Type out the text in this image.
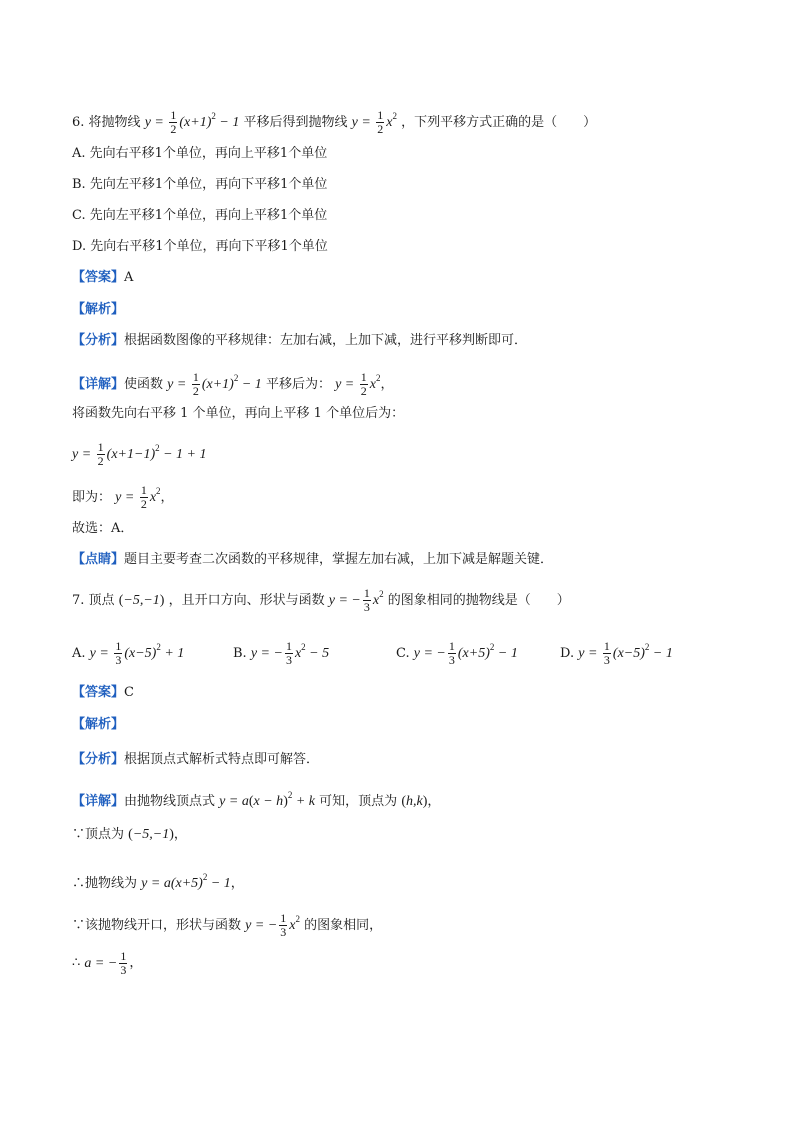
6. 将抛物线 $y = \frac{1}{2} (x+1)^2 - 1$ 平移后得到抛物线 $y = \frac{1}{2} x^2$ ，下列平移方式正确的是（　　）
A. 先向右平移1个单位，再向上平移1个单位
B. 先向左平移1个单位，再向下平移1个单位
C. 先向左平移1个单位，再向上平移1个单位
D. 先向右平移1个单位，再向下平移1个单位
【答案】A
【解析】
【分析】根据函数图像的平移规律：左加右减，上加下减，进行平移判断即可．
【详解】使函数 $y = \frac{1}{2} (x+1)^2 - 1$ 平移后为： $y = \frac{1}{2} x^2$，
将函数先向右平移 1 个单位，再向上平移 1 个单位后为：
$y = \frac{1}{2} (x+1-1)^2 - 1 + 1$
即为： $y = \frac{1}{2} x^2$，
故选：A．
【点睛】题目主要考查二次函数的平移规律，掌握左加右减，上加下减是解题关键．
7. 顶点 (−5,−1) ，且开口方向、形状与函数 y = − $\frac{1}{3} x^2$ 的图象相同的抛物线是（　　）
A. $y = \frac{1}{3} (x-5)^2 + 1$	B. y = − $\frac{1}{3} x^2 - 5$	C. y = − $\frac{1}{3} (x+5)^2 - 1$	D. $y = \frac{1}{3} (x-5)^2 - 1$
【答案】C
【解析】
【分析】根据顶点式解析式特点即可解答．
【详解】由抛物线顶点式 $y = a(x - h)^2 + k$ 可知，顶点为 (h,k)，
∵顶点为 (−5,−1)，
∴抛物线为 $y = a(x+5)^2 - 1$，
∵该抛物线开口，形状与函数 y = − $\frac{1}{3} x^2$ 的图象相同，
∴ a = − $\frac{1}{3}$ ，
